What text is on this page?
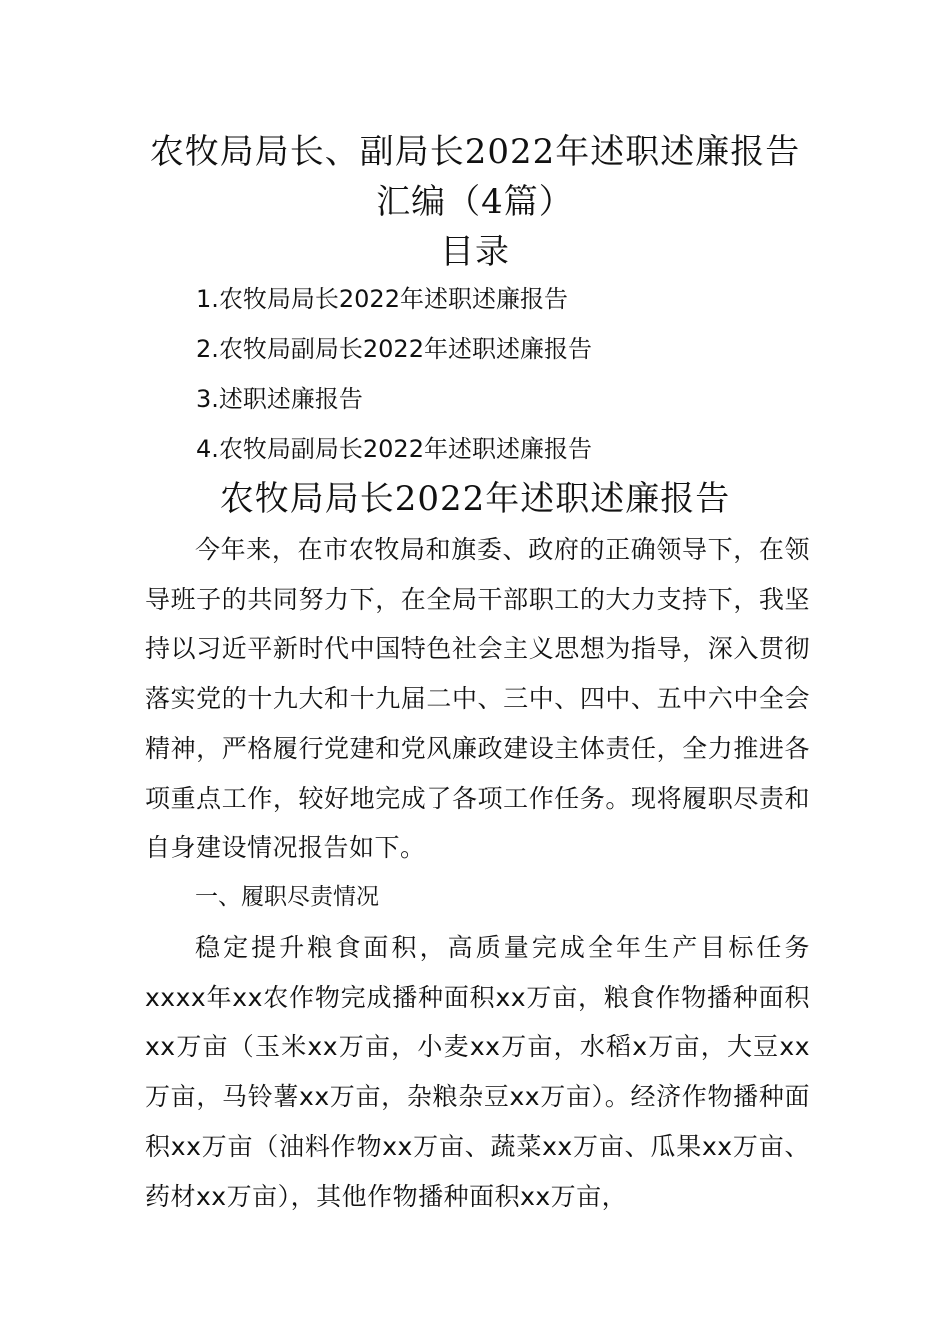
农牧局局长、副局长2022年述职述廉报告
汇编（4篇）
目录
1.农牧局局长2022年述职述廉报告
2.农牧局副局长2022年述职述廉报告
3.述职述廉报告
4.农牧局副局长2022年述职述廉报告
农牧局局长2022年述职述廉报告

今年来，在市农牧局和旗委、政府的正确领导下，在领导班子的共同努力下，在全局干部职工的大力支持下，我坚持以习近平新时代中国特色社会主义思想为指导，深入贯彻落实党的十九大和十九届二中、三中、四中、五中六中全会精神，严格履行党建和党风廉政建设主体责任，全力推进各项重点工作，较好地完成了各项工作任务。现将履职尽责和自身建设情况报告如下。

一、履职尽责情况

稳定提升粮食面积，高质量完成全年生产目标任务xxxx年xx农作物完成播种面积xx万亩，粮食作物播种面积xx万亩（玉米xx万亩，小麦xx万亩，水稻x万亩，大豆xx万亩，马铃薯xx万亩，杂粮杂豆xx万亩）。经济作物播种面积xx万亩（油料作物xx万亩、蔬菜xx万亩、瓜果xx万亩、药材xx万亩），其他作物播种面积xx万亩，
